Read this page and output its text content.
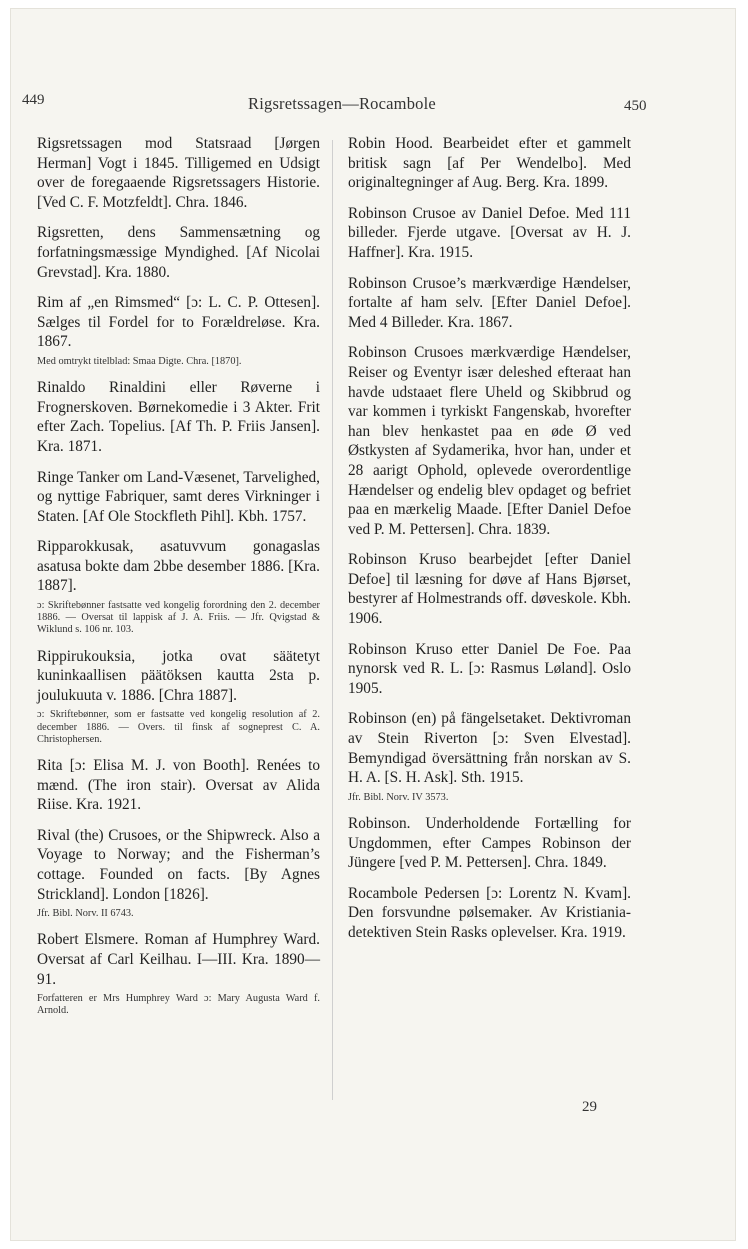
449	Rigsretssagen—Rocambole	450

Rigsretssagen mod Statsraad [Jørgen Herman] Vogt i 1845. Tilligemed en Udsigt over de foregaaende Rigsretssagers Historie. [Ved C. F. Motzfeldt]. Chra. 1846.

Rigsretten, dens Sammensætning og forfatningsmæssige Myndighed. [Af Nicolai Grevstad]. Kra. 1880.

Rim af „en Rimsmed“ [ɔ: L. C. P. Ottesen]. Sælges til Fordel for to Forældreløse. Kra. 1867.

Med omtrykt titelblad: Smaa Digte. Chra. [1870].

Rinaldo Rinaldini eller Røverne i Frognerskoven. Børnekomedie i 3 Akter. Frit efter Zach. Topelius. [Af Th. P. Friis Jansen]. Kra. 1871.

Ringe Tanker om Land-Væsenet, Tarvelighed, og nyttige Fabriquer, samt deres Virkninger i Staten. [Af Ole Stockfleth Pihl]. Kbh. 1757.

Ripparokkusak, asatuvvum gonagaslas asatusa bokte dam 2bbe desember 1886. [Kra. 1887].

ɔ: Skriftebønner fastsatte ved kongelig forordning den 2. december 1886. — Oversat til lappisk af J. A. Friis. — Jfr. Qvigstad & Wiklund s. 106 nr. 103.

Rippirukouksia, jotka ovat säätetyt kuninkaallisen päätöksen kautta 2sta p. joulukuuta v. 1886. [Chra 1887].

ɔ: Skriftebønner, som er fastsatte ved kongelig resolution af 2. december 1886. — Overs. til finsk af sogneprest C. A. Christophersen.

Rita [ɔ: Elisa M. J. von Booth]. Renées to mænd. (The iron stair). Oversat av Alida Riise. Kra. 1921.

Rival (the) Crusoes, or the Shipwreck. Also a Voyage to Norway; and the Fisherman’s cottage. Founded on facts. [By Agnes Strickland]. London [1826].

Jfr. Bibl. Norv. II 6743.

Robert Elsmere. Roman af Humphrey Ward. Oversat af Carl Keilhau. I—III. Kra. 1890—91.

Forfatteren er Mrs Humphrey Ward ɔ: Mary Augusta Ward f. Arnold.

Robin Hood. Bearbeidet efter et gammelt britisk sagn [af Per Wendelbo]. Med originaltegninger af Aug. Berg. Kra. 1899.

Robinson Crusoe av Daniel Defoe. Med 111 billeder. Fjerde utgave. [Oversat av H. J. Haffner]. Kra. 1915.

Robinson Crusoe’s mærkværdige Hændelser, fortalte af ham selv. [Efter Daniel Defoe]. Med 4 Billeder. Kra. 1867.

Robinson Crusoes mærkværdige Hændelser, Reiser og Eventyr især deleshed efteraat han havde udstaaet flere Uheld og Skibbrud og var kommen i tyrkiskt Fangenskab, hvorefter han blev henkastet paa en øde Ø ved Østkysten af Sydamerika, hvor han, under et 28 aarigt Ophold, oplevede overordentlige Hændelser og endelig blev opdaget og befriet paa en mærkelig Maade. [Efter Daniel Defoe ved P. M. Pettersen]. Chra. 1839.

Robinson Kruso bearbejdet [efter Daniel Defoe] til læsning for døve af Hans Bjørset, bestyrer af Holmestrands off. døveskole. Kbh. 1906.

Robinson Kruso etter Daniel De Foe. Paa nynorsk ved R. L. [ɔ: Rasmus Løland]. Oslo 1905.

Robinson (en) på fängelsetaket. Dektivroman av Stein Riverton [ɔ: Sven Elvestad]. Bemyndigad översättning från norskan av S. H. A. [S. H. Ask]. Sth. 1915.

Jfr. Bibl. Norv. IV 3573.

Robinson. Underholdende Fortælling for Ungdommen, efter Campes Robinson der Jüngere [ved P. M. Pettersen]. Chra. 1849.

Rocambole Pedersen [ɔ: Lorentz N. Kvam]. Den forsvundne pølsemaker. Av Kristiania-detektiven Stein Rasks oplevelser. Kra. 1919.

29
